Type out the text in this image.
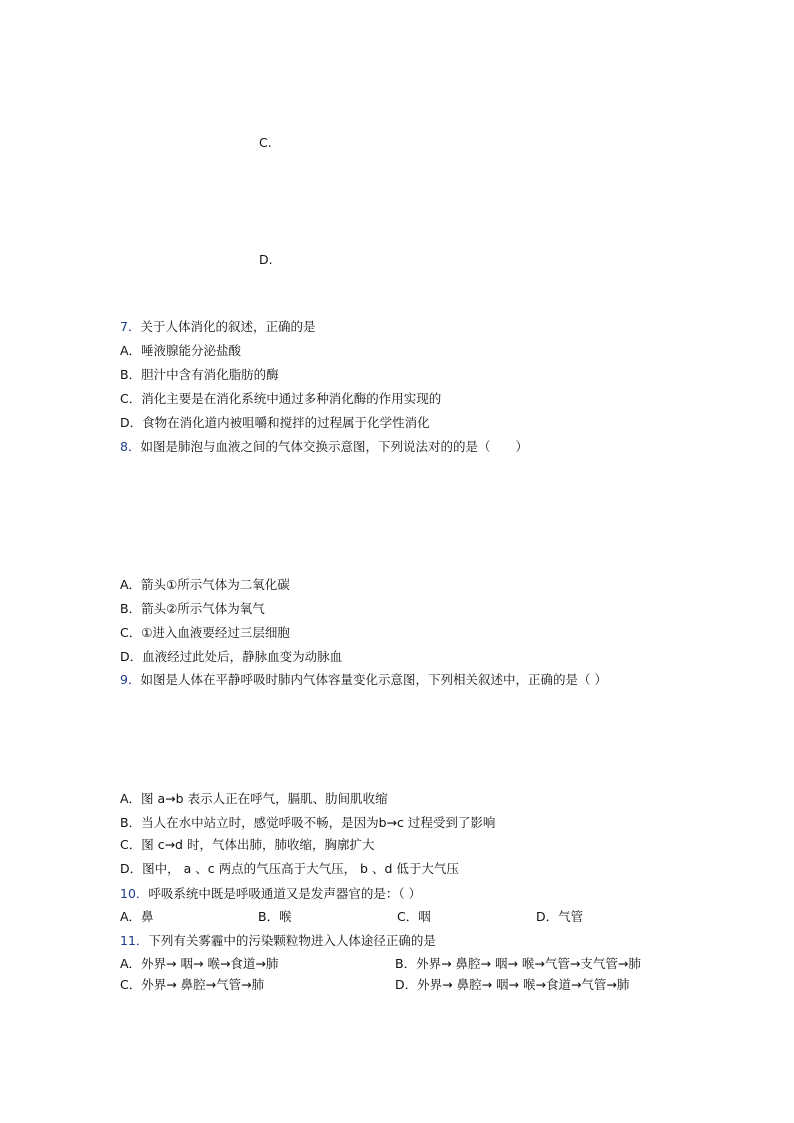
C.
D.
7．关于人体消化的叙述，正确的是
A．唾液腺能分泌盐酸
B．胆汁中含有消化脂肪的酶
C．消化主要是在消化系统中通过多种消化酶的作用实现的
D．食物在消化道内被咀嚼和搅拌的过程属于化学性消化
8．如图是肺泡与血液之间的气体交换示意图，下列说法对的的是（　　）
A．箭头①所示气体为二氧化碳
B．箭头②所示气体为氧气
C．①进入血液要经过三层细胞
D．血液经过此处后，静脉血变为动脉血
9．如图是人体在平静呼吸时肺内气体容量变化示意图，下列相关叙述中，正确的是（ ）
A．图 a→b 表示人正在呼气，膈肌、肋间肌收缩
B．当人在水中站立时，感觉呼吸不畅，是因为b→c 过程受到了影响
C．图 c→d 时，气体出肺，肺收缩，胸廓扩大
D．图中， a 、c 两点的气压高于大气压， b 、d 低于大气压
10．呼吸系统中既是呼吸通道又是发声器官的是：（ ）
A．鼻	B．喉	C．咽	D．气管
11．下列有关雾霾中的污染颗粒物进入人体途径正确的是
A．外界→ 咽→ 喉→食道→肺	B．外界→ 鼻腔→ 咽→ 喉→气管→支气管→肺
C．外界→ 鼻腔→气管→肺	D．外界→ 鼻腔→ 咽→ 喉→食道→气管→肺
